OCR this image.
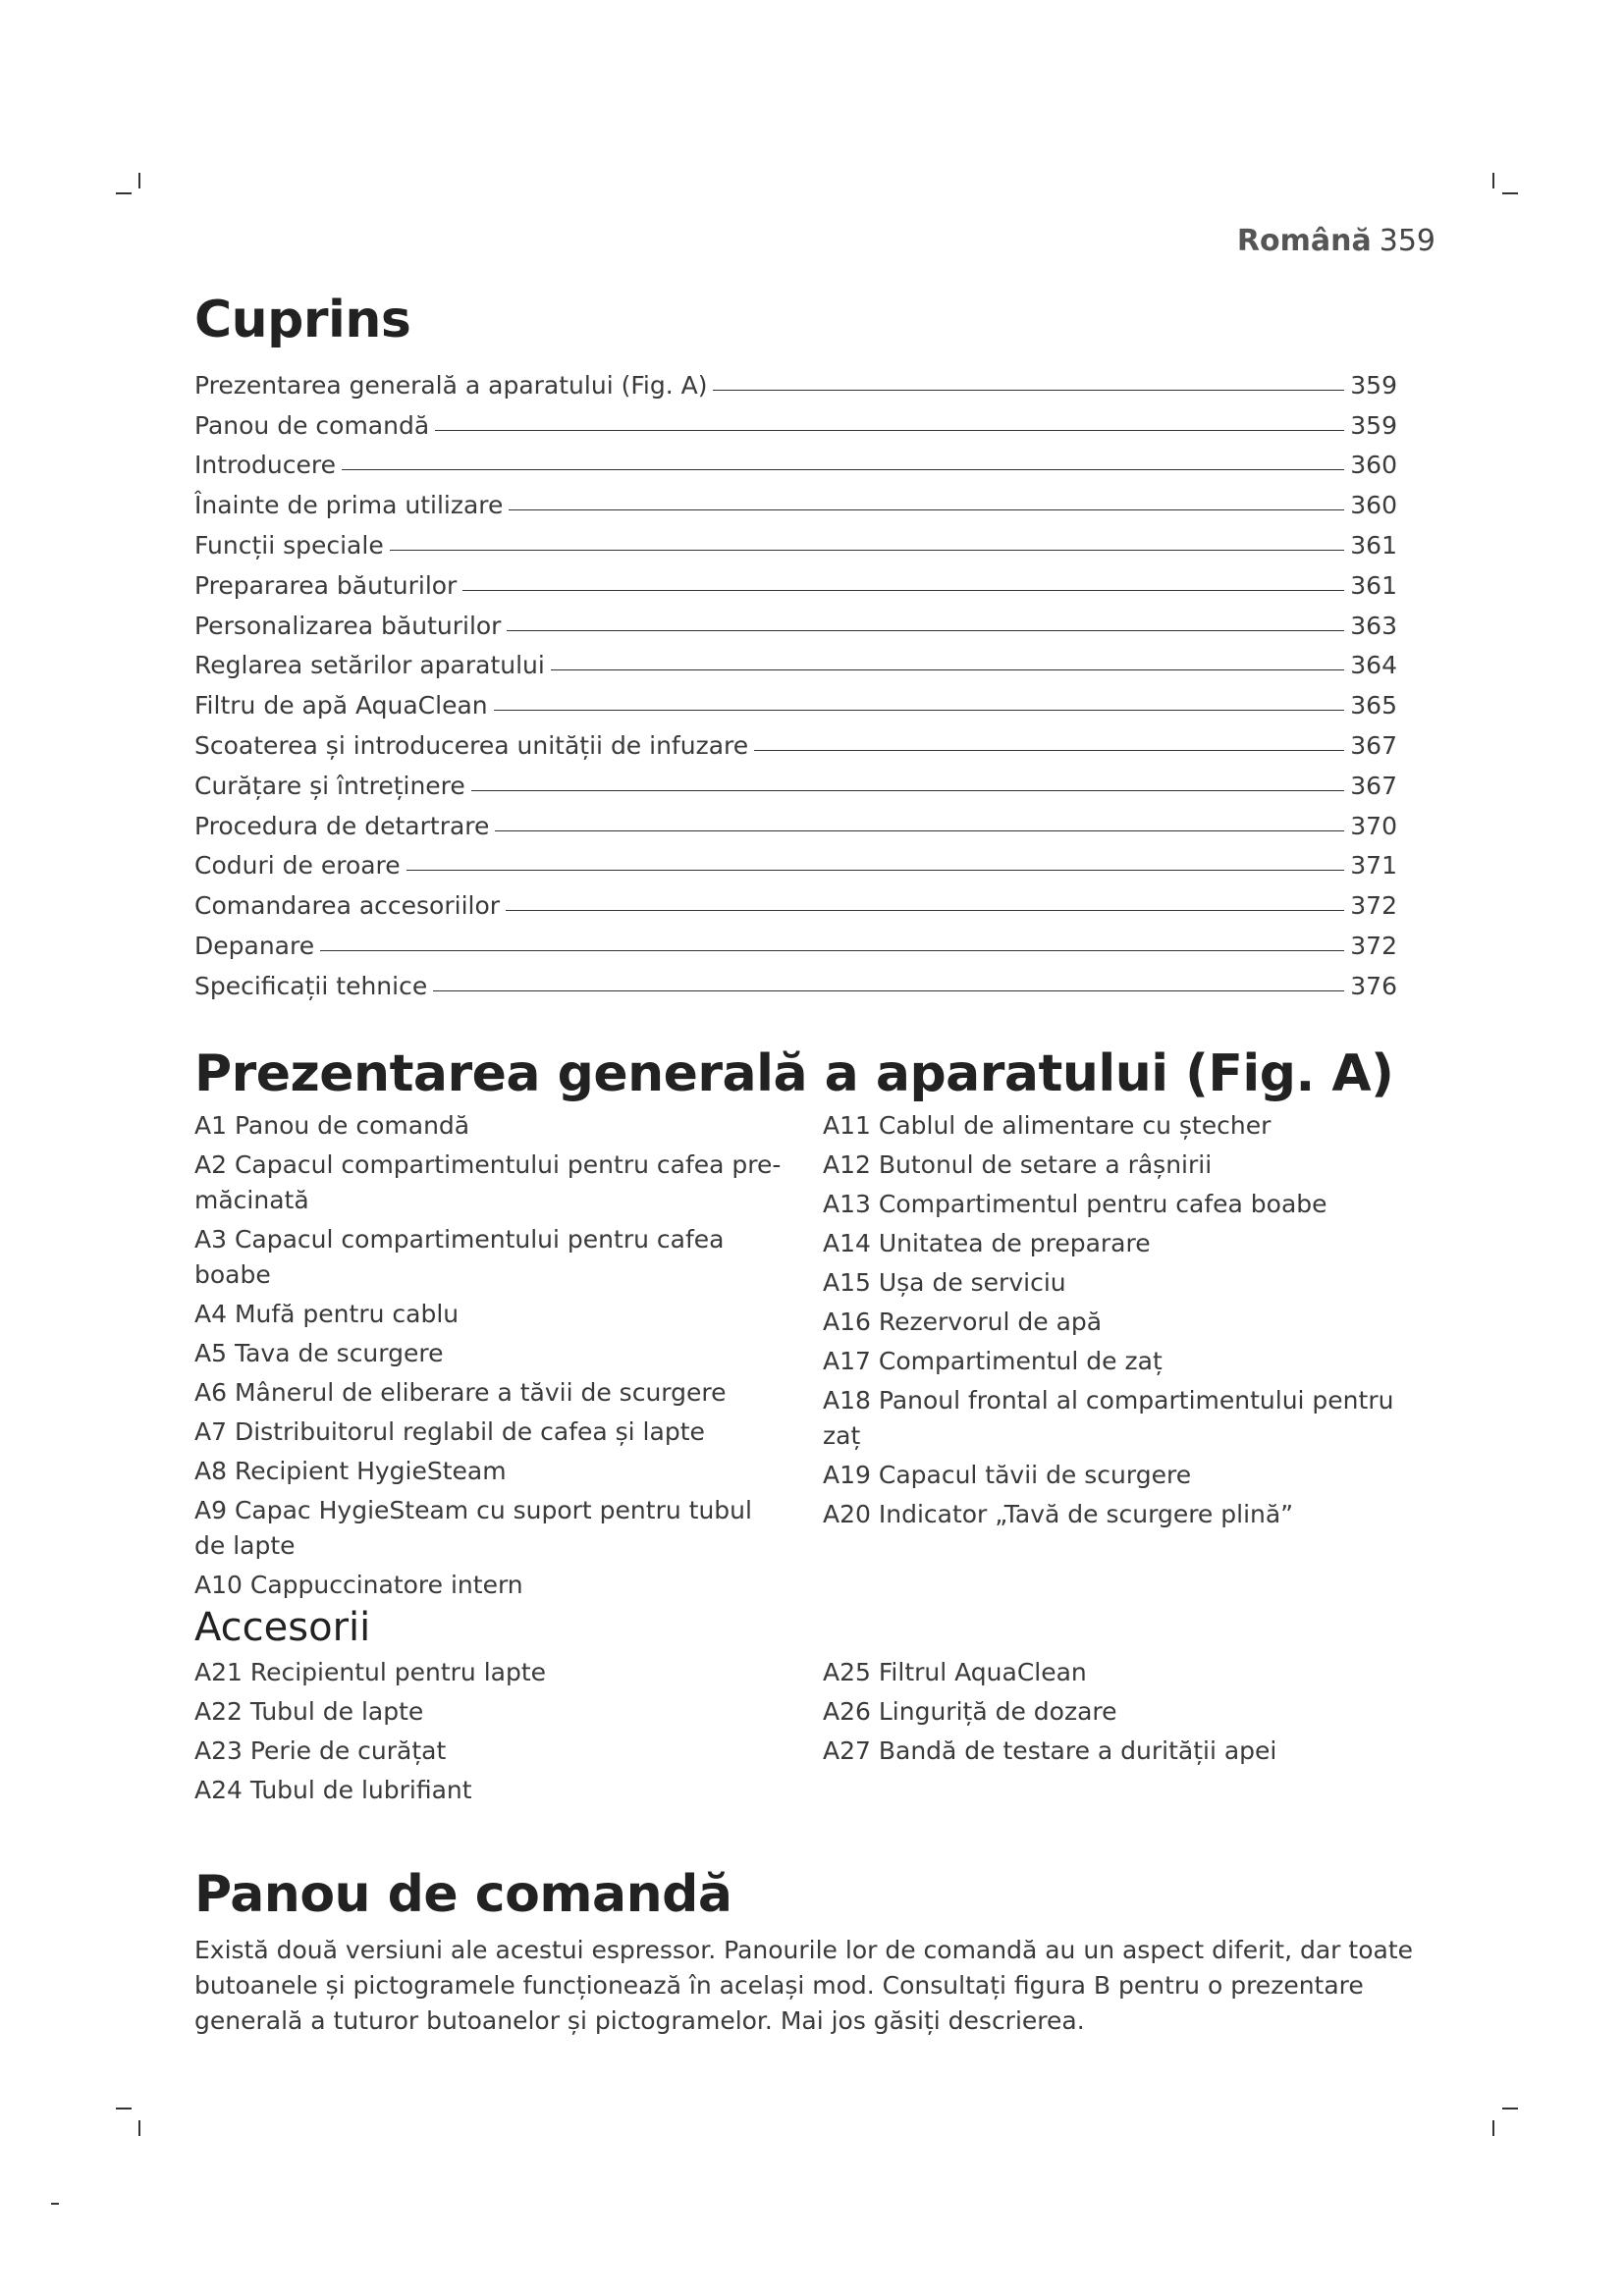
Română 359
Cuprins
Prezentarea generală a aparatului (Fig. A)	359
Panou de comandă	359
Introducere	360
Înainte de prima utilizare	360
Funcții speciale	361
Prepararea băuturilor	361
Personalizarea băuturilor	363
Reglarea setărilor aparatului	364
Filtru de apă AquaClean	365
Scoaterea și introducerea unității de infuzare	367
Curățare și întreținere	367
Procedura de detartrare	370
Coduri de eroare	371
Comandarea accesoriilor	372
Depanare	372
Specificații tehnice	376
Prezentarea generală a aparatului (Fig. A)
A1 Panou de comandă
A2 Capacul compartimentului pentru cafea pre-măcinată
A3 Capacul compartimentului pentru cafea boabe
A4 Mufă pentru cablu
A5 Tava de scurgere
A6 Mânerul de eliberare a tăvii de scurgere
A7 Distribuitorul reglabil de cafea și lapte
A8 Recipient HygieSteam
A9 Capac HygieSteam cu suport pentru tubul de lapte
A10 Cappuccinatore intern
A11 Cablul de alimentare cu ștecher
A12 Butonul de setare a râșnirii
A13 Compartimentul pentru cafea boabe
A14 Unitatea de preparare
A15 Ușa de serviciu
A16 Rezervorul de apă
A17 Compartimentul de zaț
A18 Panoul frontal al compartimentului pentru zaț
A19 Capacul tăvii de scurgere
A20 Indicator „Tavă de scurgere plină”
Accesorii
A21 Recipientul pentru lapte
A22 Tubul de lapte
A23 Perie de curățat
A24 Tubul de lubrifiant
A25 Filtrul AquaClean
A26 Linguriță de dozare
A27 Bandă de testare a durității apei
Panou de comandă

Există două versiuni ale acestui espressor. Panourile lor de comandă au un aspect diferit, dar toate butoanele și pictogramele funcționează în același mod. Consultați figura B pentru o prezentare generală a tuturor butoanelor și pictogramelor. Mai jos găsiți descrierea.
